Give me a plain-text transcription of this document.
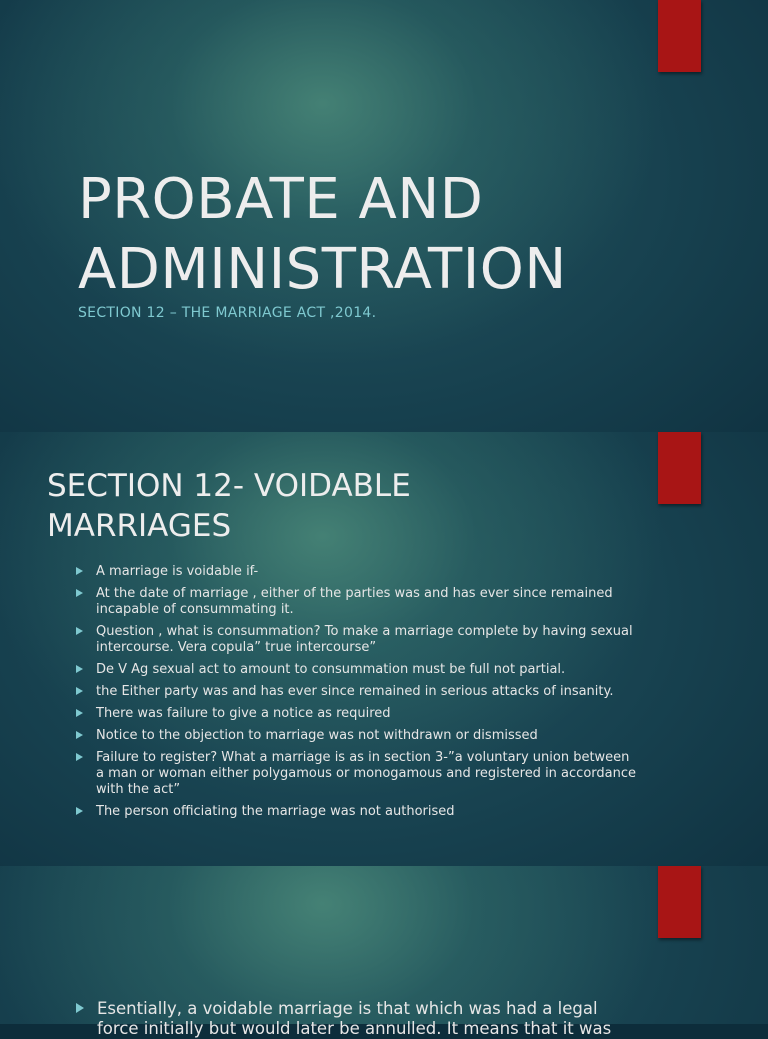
PROBATE AND
ADMINISTRATION

SECTION 12 – THE MARRIAGE ACT ,2014.

SECTION 12- VOIDABLE
MARRIAGES
A marriage is voidable if-
At the date of marriage , either of the parties was and has ever since remained incapable of consummating it.
Question , what is consummation? To make a marriage complete by having sexual intercourse. Vera copula” true intercourse”
De V Ag sexual act to amount to consummation must be full not partial.
the Either party was and has ever since remained in serious attacks of insanity.
There was failure to give a notice as required
Notice to the objection to marriage was not withdrawn or dismissed
Failure to register? What a marriage is as in section 3-”a voluntary union between a man or woman either polygamous or monogamous and registered in accordance with the act”
The person officiating the marriage was not authorised
Esentially, a voidable marriage is that which was had a legal force initially but would later be annulled. It means that it was
